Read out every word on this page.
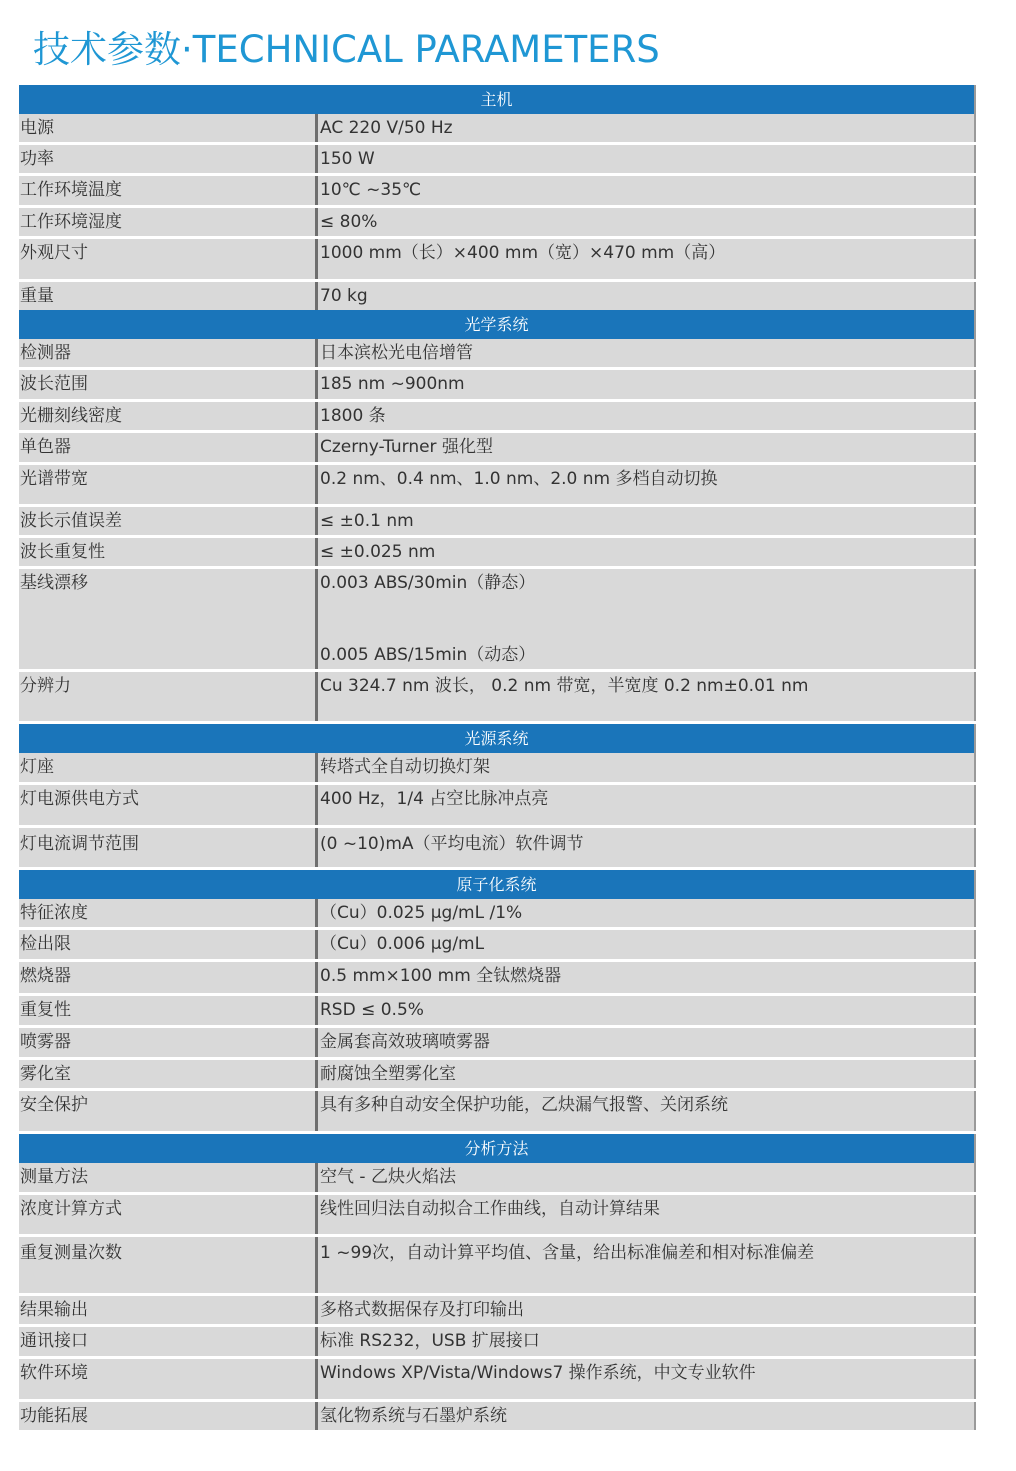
技术参数·TECHNICAL PARAMETERS
主机
电源	AC 220 V/50 Hz
功率	150 W
工作环境温度	10℃ ~35℃
工作环境湿度	≤ 80%
外观尺寸	1000 mm（长）×400 mm（宽）×470 mm（高）
重量	70 kg
光学系统
检测器	日本滨松光电倍增管
波长范围	185 nm ~900nm
光栅刻线密度	1800 条
单色器	Czerny-Turner 强化型
光谱带宽	0.2 nm、0.4 nm、1.0 nm、2.0 nm 多档自动切换
波长示值误差	≤ ±0.1 nm
波长重复性	≤ ±0.025 nm
基线漂移	0.003 ABS/30min（静态）
0.005 ABS/15min（动态）
分辨力	Cu 324.7 nm 波长， 0.2 nm 带宽，半宽度 0.2 nm±0.01 nm
光源系统
灯座	转塔式全自动切换灯架
灯电源供电方式	400 Hz，1/4 占空比脉冲点亮
灯电流调节范围	(0 ~10)mA（平均电流）软件调节
原子化系统
特征浓度	（Cu）0.025 μg/mL /1%
检出限	（Cu）0.006 μg/mL
燃烧器	0.5 mm×100 mm 全钛燃烧器
重复性	RSD ≤ 0.5%
喷雾器	金属套高效玻璃喷雾器
雾化室	耐腐蚀全塑雾化室
安全保护	具有多种自动安全保护功能，乙炔漏气报警、关闭系统
分析方法
测量方法	空气 - 乙炔火焰法
浓度计算方式	线性回归法自动拟合工作曲线，自动计算结果
重复测量次数	1 ~99次，自动计算平均值、含量，给出标准偏差和相对标准偏差
结果输出	多格式数据保存及打印输出
通讯接口	标准 RS232，USB 扩展接口
软件环境	Windows XP/Vista/Windows7 操作系统，中文专业软件
功能拓展	氢化物系统与石墨炉系统
